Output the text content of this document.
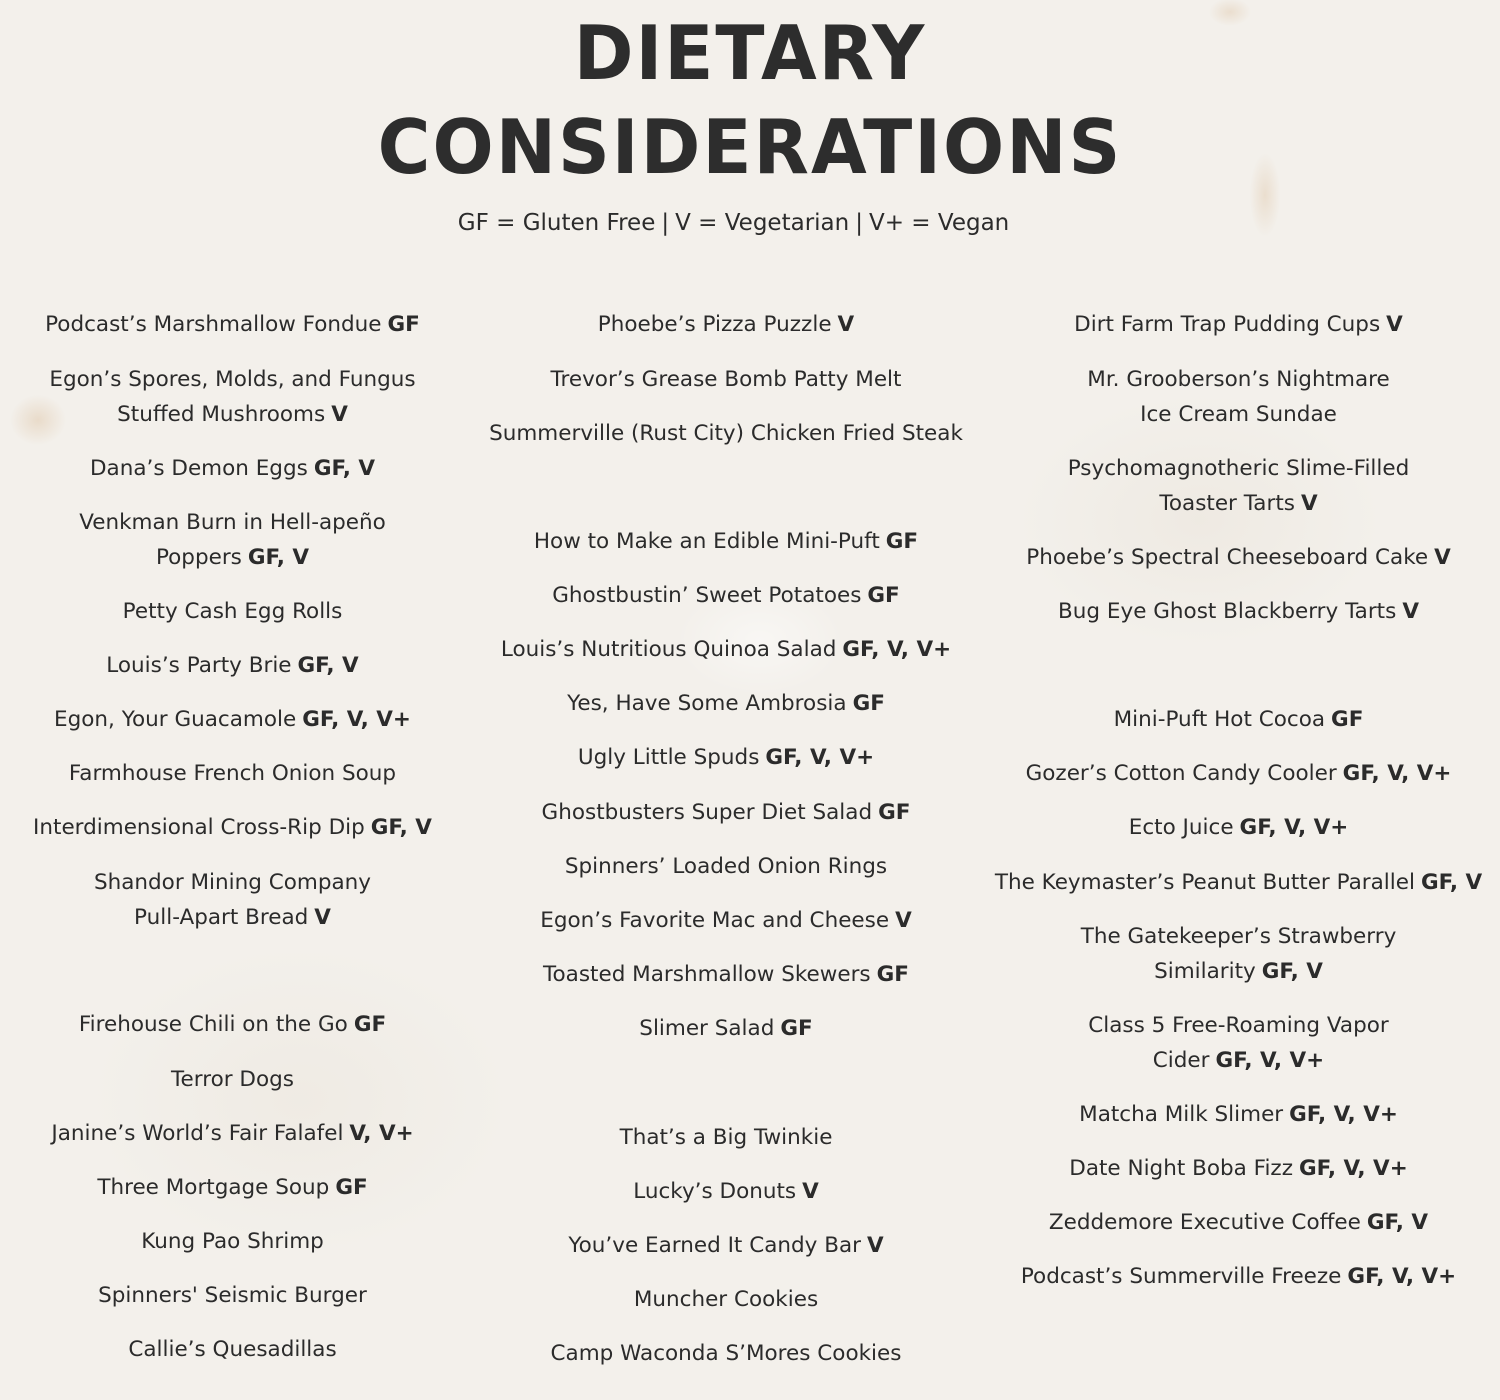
DIETARY
CONSIDERATIONS
GF = Gluten Free | V = Vegetarian | V+ = Vegan
Podcast’s Marshmallow Fondue GF
Egon’s Spores, Molds, and Fungus
Stuffed Mushrooms V
Dana’s Demon Eggs GF, V
Venkman Burn in Hell-apeño
Poppers GF, V
Petty Cash Egg Rolls
Louis’s Party Brie GF, V
Egon, Your Guacamole GF, V, V+
Farmhouse French Onion Soup
Interdimensional Cross-Rip Dip GF, V
Shandor Mining Company
Pull-Apart Bread V
Firehouse Chili on the Go GF
Terror Dogs
Janine’s World’s Fair Falafel V, V+
Three Mortgage Soup GF
Kung Pao Shrimp
Spinners' Seismic Burger
Callie’s Quesadillas
Phoebe’s Pizza Puzzle V
Trevor’s Grease Bomb Patty Melt
Summerville (Rust City) Chicken Fried Steak
How to Make an Edible Mini-Puft GF
Ghostbustin’ Sweet Potatoes GF
Louis’s Nutritious Quinoa Salad GF, V, V+
Yes, Have Some Ambrosia GF
Ugly Little Spuds GF, V, V+
Ghostbusters Super Diet Salad GF
Spinners’ Loaded Onion Rings
Egon’s Favorite Mac and Cheese V
Toasted Marshmallow Skewers GF
Slimer Salad GF
That’s a Big Twinkie
Lucky’s Donuts V
You’ve Earned It Candy Bar V
Muncher Cookies
Camp Waconda S’Mores Cookies
Dirt Farm Trap Pudding Cups V
Mr. Grooberson’s Nightmare
Ice Cream Sundae
Psychomagnotheric Slime-Filled
Toaster Tarts V
Phoebe’s Spectral Cheeseboard Cake V
Bug Eye Ghost Blackberry Tarts V
Mini-Puft Hot Cocoa GF
Gozer’s Cotton Candy Cooler GF, V, V+
Ecto Juice GF, V, V+
The Keymaster’s Peanut Butter Parallel GF, V
The Gatekeeper’s Strawberry
Similarity GF, V
Class 5 Free-Roaming Vapor
Cider GF, V, V+
Matcha Milk Slimer GF, V, V+
Date Night Boba Fizz GF, V, V+
Zeddemore Executive Coffee GF, V
Podcast’s Summerville Freeze GF, V, V+
